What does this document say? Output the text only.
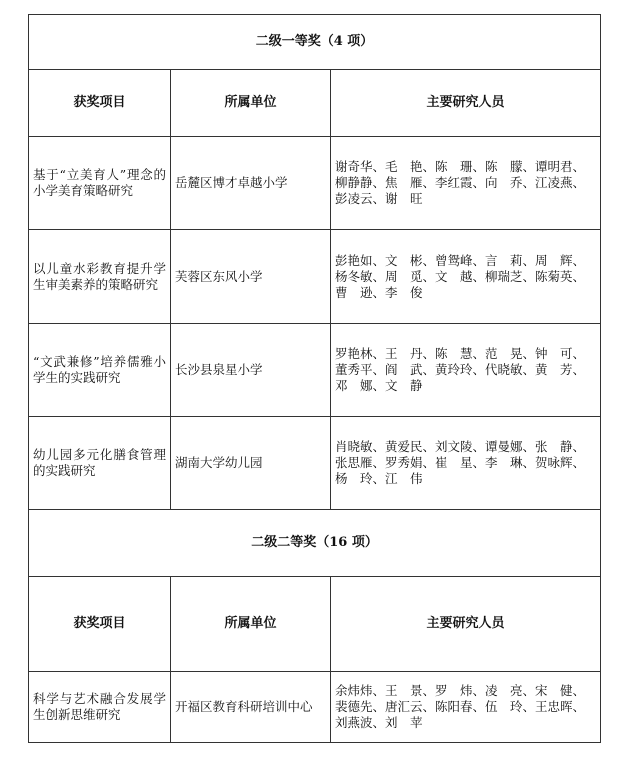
二级一等奖（4 项）		
获奖项目	所属单位	主要研究人员
基于“立美育人”理念的小学美育策略研究	岳麓区博才卓越小学	谢奇华、毛　艳、陈　珊、陈　朦、谭明君、
柳静静、焦　雁、李红霞、向　乔、江凌燕、
彭凌云、谢　旺

以儿童水彩教育提升学生审美素养的策略研究	芙蓉区东风小学	彭艳如、文　彬、曾鸳峰、言　莉、周　辉、
杨冬敏、周　觅、文　越、柳瑞芝、陈菊英、
曹　逊、李　俊

“文武兼修”培养儒雅小学生的实践研究	长沙县泉星小学	罗艳林、王　丹、陈　慧、范　晃、钟　可、
董秀平、阎　武、黄玲玲、代晓敏、黄　芳、
邓　娜、文　静

幼儿园多元化膳食管理的实践研究	湖南大学幼儿园	肖晓敏、黄爱民、刘文陵、谭曼娜、张　静、
张思雁、罗秀娟、崔　星、李　琳、贺咏辉、
杨　玲、江　伟

二级二等奖（16 项）		
获奖项目	所属单位	主要研究人员
科学与艺术融合发展学生创新思维研究	开福区教育科研培训中心	余炜炜、王　景、罗　炜、凌　亮、宋　健、
裴德先、唐汇云、陈阳春、伍　玲、王忠晖、
刘燕波、刘　苹
